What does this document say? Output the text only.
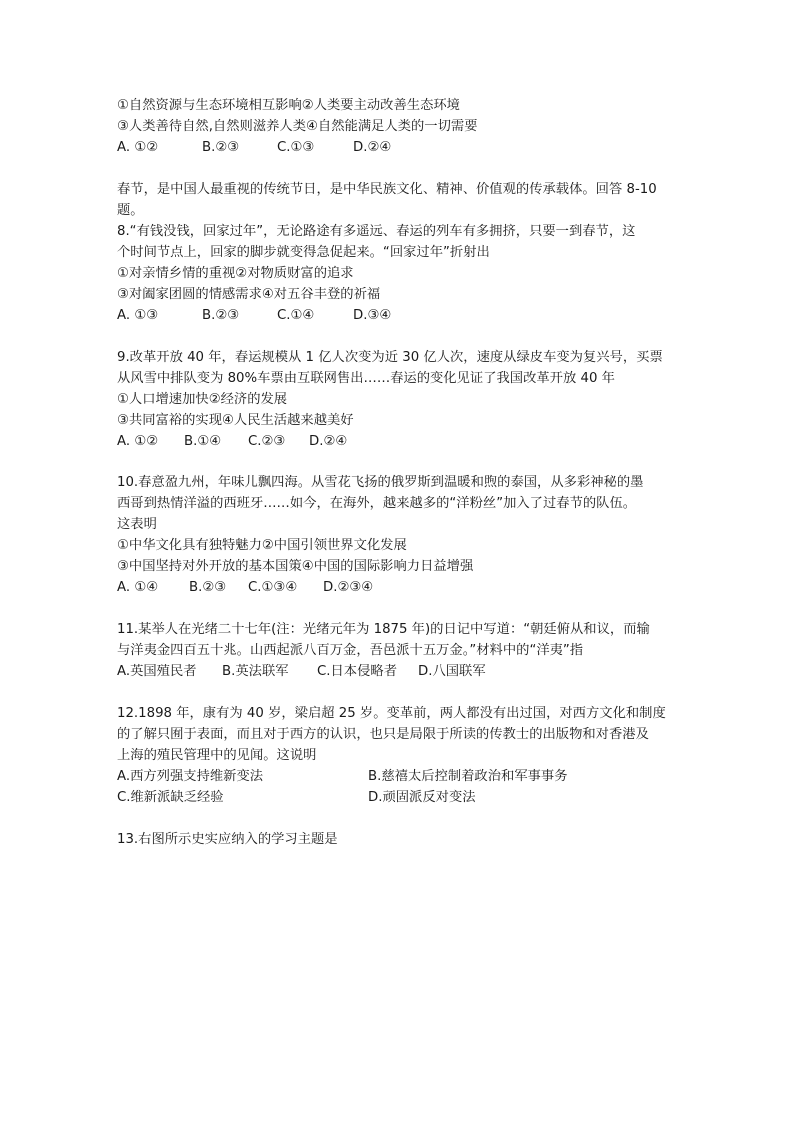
①自然资源与生态环境相互影响②人类要主动改善生态环境
③人类善待自然,自然则滋养人类④自然能满足人类的一切需要
A. ①②	B.②③	C.①③	D.②④
春节，是中国人最重视的传统节日，是中华民族文化、精神、价值观的传承载体。回答 8-10
题。
8.“有钱没钱，回家过年”，无论路途有多遥远、春运的列车有多拥挤，只要一到春节，这
个时间节点上，回家的脚步就变得急促起来。“回家过年”折射出
①对亲情乡情的重视②对物质财富的追求
③对阖家团圆的情感需求④对五谷丰登的祈福
A. ①③	B.②③	C.①④	D.③④
9.改革开放 40 年，春运规模从 1 亿人次变为近 30 亿人次，速度从绿皮车变为复兴号，买票
从风雪中排队变为 80%车票由互联网售出……春运的变化见证了我国改革开放 40 年
①人口增速加快②经济的发展
③共同富裕的实现④人民生活越来越美好
A. ①② B.①④ C.②③ D.②④
10.春意盈九州，年味儿飘四海。从雪花飞扬的俄罗斯到温暖和煦的泰国，从多彩神秘的墨
西哥到热情洋溢的西班牙……如今，在海外，越来越多的“洋粉丝”加入了过春节的队伍。
这表明
①中华文化具有独特魅力②中国引领世界文化发展
③中国坚持对外开放的基本国策④中国的国际影响力日益增强
A. ①④ B.②③ C.①③④ D.②③④
11.某举人在光绪二十七年(注：光绪元年为 1875 年)的日记中写道：“朝廷俯从和议，而输
与洋夷金四百五十兆。山西起派八百万金，吾邑派十五万金。”材料中的“洋夷”指
A.英国殖民者 B.英法联军 C.日本侵略者 D.八国联军
12.1898 年，康有为 40 岁，梁启超 25 岁。变革前，两人都没有出过国，对西方文化和制度
的了解只囿于表面，而且对于西方的认识，也只是局限于所读的传教士的出版物和对香港及
上海的殖民管理中的见闻。这说明
A.西方列强支持维新变法	B.慈禧太后控制着政治和军事事务
C.维新派缺乏经验	D.顽固派反对变法
13.右图所示史实应纳入的学习主题是
